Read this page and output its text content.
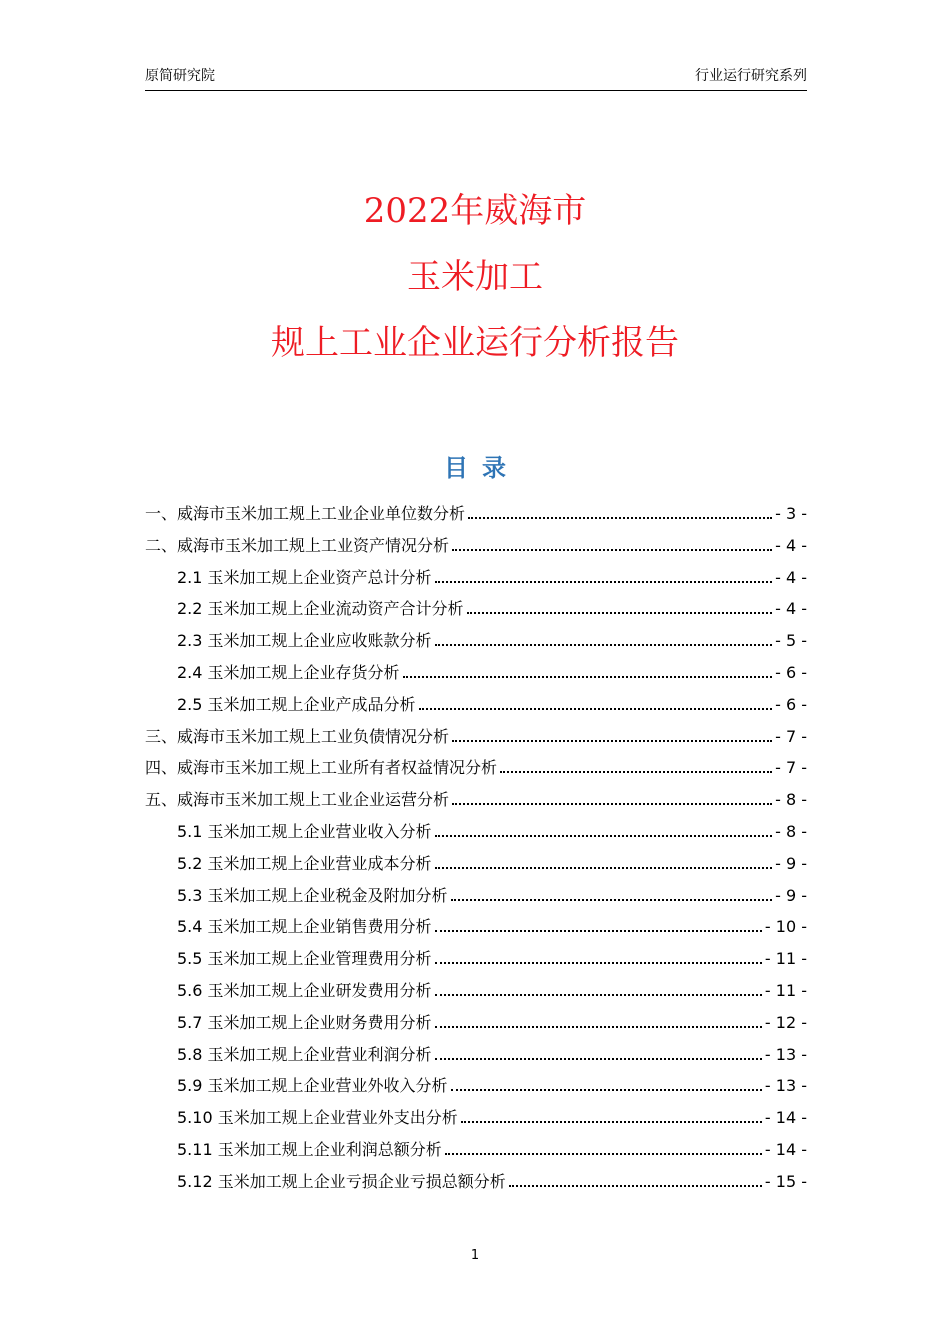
原简研究院	行业运行研究系列
2022年威海市
玉米加工
规上工业企业运行分析报告
目录
一、威海市玉米加工规上工业企业单位数分析	- 3 -
二、威海市玉米加工规上工业资产情况分析	- 4 -
2.1 玉米加工规上企业资产总计分析	- 4 -
2.2 玉米加工规上企业流动资产合计分析	- 4 -
2.3 玉米加工规上企业应收账款分析	- 5 -
2.4 玉米加工规上企业存货分析	- 6 -
2.5 玉米加工规上企业产成品分析	- 6 -
三、威海市玉米加工规上工业负债情况分析	- 7 -
四、威海市玉米加工规上工业所有者权益情况分析	- 7 -
五、威海市玉米加工规上工业企业运营分析	- 8 -
5.1 玉米加工规上企业营业收入分析	- 8 -
5.2 玉米加工规上企业营业成本分析	- 9 -
5.3 玉米加工规上企业税金及附加分析	- 9 -
5.4 玉米加工规上企业销售费用分析	- 10 -
5.5 玉米加工规上企业管理费用分析	- 11 -
5.6 玉米加工规上企业研发费用分析	- 11 -
5.7 玉米加工规上企业财务费用分析	- 12 -
5.8 玉米加工规上企业营业利润分析	- 13 -
5.9 玉米加工规上企业营业外收入分析	- 13 -
5.10 玉米加工规上企业营业外支出分析	- 14 -
5.11 玉米加工规上企业利润总额分析	- 14 -
5.12 玉米加工规上企业亏损企业亏损总额分析	- 15 -
1
